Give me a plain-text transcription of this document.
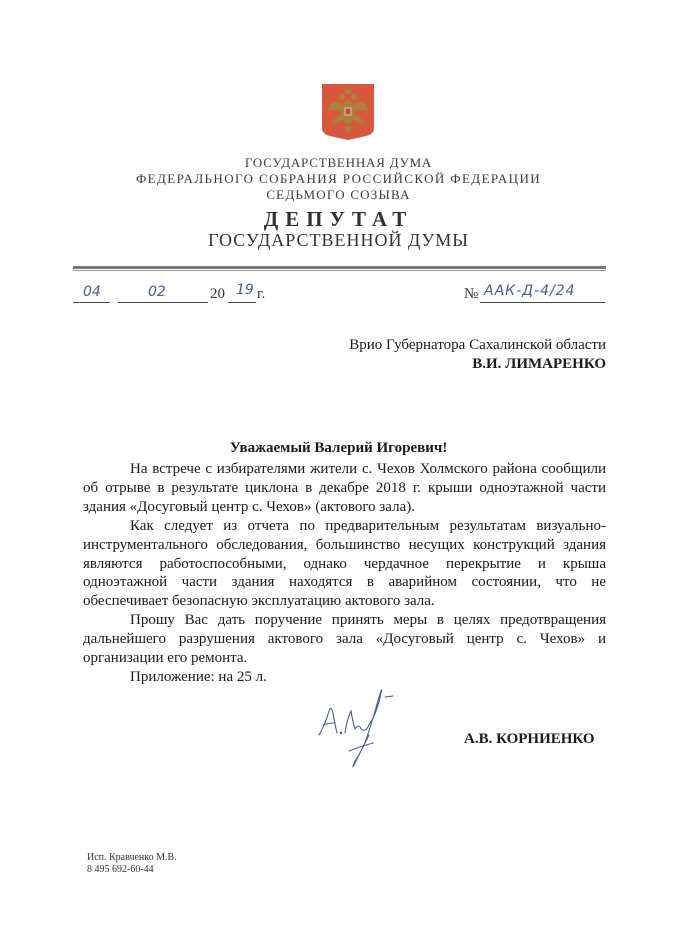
ГОСУДАРСТВЕННАЯ ДУМА
ФЕДЕРАЛЬНОГО СОБРАНИЯ РОССИЙСКОЙ ФЕДЕРАЦИИ
СЕДЬМОГО СОЗЫВА
ДЕПУТАТ
ГОСУДАРСТВЕННОЙ ДУМЫ
04	02	20 19 г.	№ ААК-Д-4/24
Врио Губернатора Сахалинской области
В.И. ЛИМАРЕНКО
Уважаемый Валерий Игоревич!

На встрече с избирателями жители с. Чехов Холмского района сообщили об отрыве в результате циклона в декабре 2018 г. крыши одноэтажной части здания «Досуговый центр с. Чехов» (актового зала).

Как следует из отчета по предварительным результатам визуально-инструментального обследования, большинство несущих конструкций здания являются работоспособными, однако чердачное перекрытие и крыша одноэтажной части здания находятся в аварийном состоянии, что не обеспечивает безопасную эксплуатацию актового зала.

Прошу Вас дать поручение принять меры в целях предотвращения дальнейшего разрушения актового зала «Досуговый центр с. Чехов» и организации его ремонта.

Приложение: на 25 л.

А.В. КОРНИЕНКО
Исп. Кравченко М.В.
8 495 692-60-44
